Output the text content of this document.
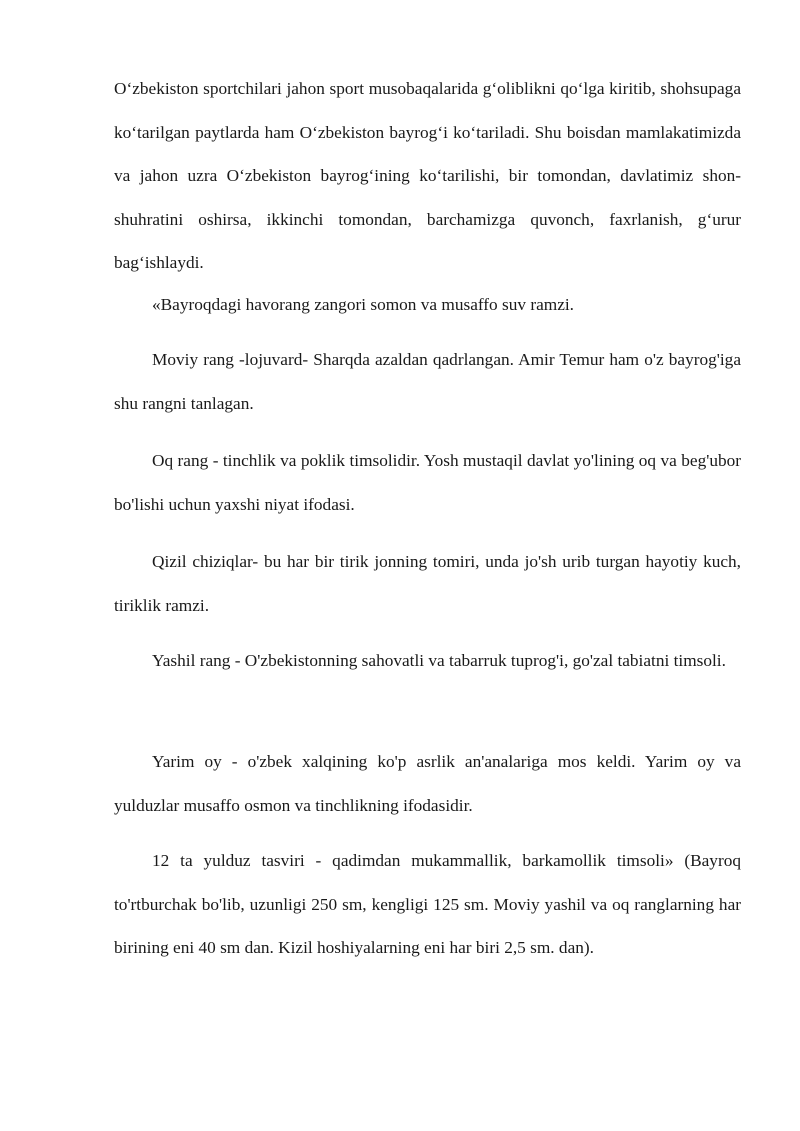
O‘zbekiston sportchilari jahon sport musobaqalarida g‘oliblikni qo‘lga kiritib, shohsupaga ko‘tarilgan paytlarda ham O‘zbekiston bayrog‘i ko‘tariladi. Shu boisdan mamlakatimizda va jahon uzra O‘zbekiston bayrog‘ining ko‘tarilishi, bir tomondan, davlatimiz shon-shuhratini oshirsa, ikkinchi tomondan, barchamizga quvonch, faxrlanish, g‘urur bag‘ishlaydi.

«Bayroqdagi havorang zangori somon va musaffo suv ramzi.

Moviy rang -lojuvard- Sharqda azaldan qadrlangan. Amir Temur ham o'z bayrog'iga shu rangni tanlagan.

Oq rang - tinchlik va poklik timsolidir. Yosh mustaqil davlat yo'lining oq va beg'ubor bo'lishi uchun yaxshi niyat ifodasi.

Qizil chiziqlar- bu har bir tirik jonning tomiri, unda jo'sh urib turgan hayotiy kuch, tiriklik ramzi.

Yashil rang - O'zbekistonning sahovatli va tabarruk tuprog'i, go'zal tabiatni timsoli.

Yarim oy - o'zbek xalqining ko'p asrlik an'analariga mos keldi. Yarim oy va yulduzlar musaffo osmon va tinchlikning ifodasidir.

12 ta yulduz tasviri - qadimdan mukammallik, barkamollik timsoli» (Bayroq to'rtburchak bo'lib, uzunligi 250 sm, kengligi 125 sm. Moviy yashil va oq ranglarning har birining eni 40 sm dan. Kizil hoshiyalarning eni har biri 2,5 sm. dan).
